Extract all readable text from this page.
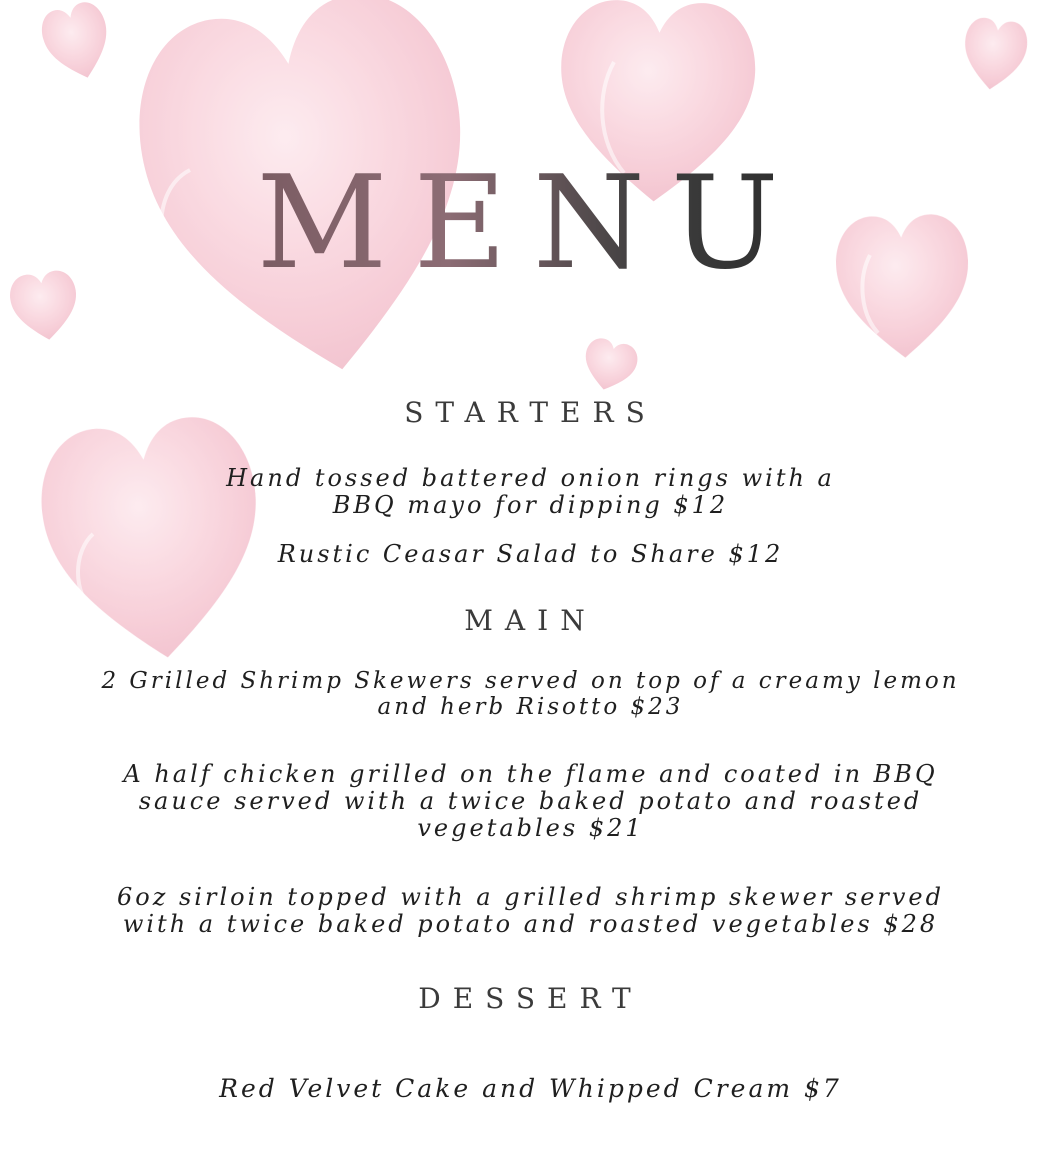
MENU
STARTERS
Hand tossed battered onion rings with a
BBQ mayo for dipping $12
Rustic Ceasar Salad to Share $12
MAIN
2 Grilled Shrimp Skewers served on top of a creamy lemon
and herb Risotto $23
A half chicken grilled on the flame and coated in BBQ
sauce served with a twice baked potato and roasted
vegetables $21
6oz sirloin topped with a grilled shrimp skewer served
with a twice baked potato and roasted vegetables $28
DESSERT
Red Velvet Cake and Whipped Cream $7
